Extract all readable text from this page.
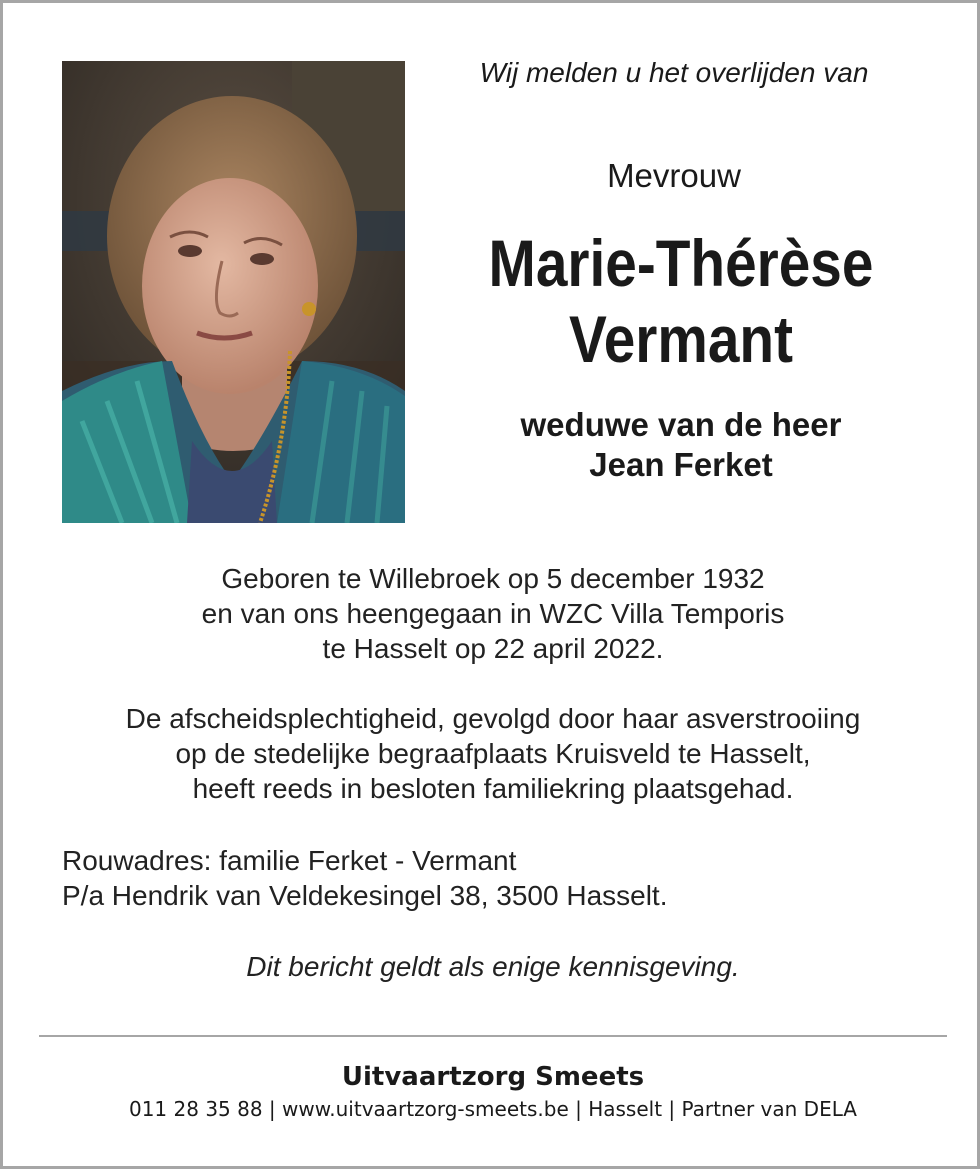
Wij melden u het overlijden van
Mevrouw
Marie-Thérèse
Vermant
weduwe van de heer
Jean Ferket
Geboren te Willebroek op 5 december 1932
en van ons heengegaan in WZC Villa Temporis
te Hasselt op 22 april 2022.
De afscheidsplechtigheid, gevolgd door haar asverstrooiing
op de stedelijke begraafplaats Kruisveld te Hasselt,
heeft reeds in besloten familiekring plaatsgehad.
Rouwadres: familie Ferket - Vermant
P/a Hendrik van Veldekesingel 38, 3500 Hasselt.
Dit bericht geldt als enige kennisgeving.
Uitvaartzorg Smeets
011 28 35 88 | www.uitvaartzorg-smeets.be | Hasselt | Partner van DELA
